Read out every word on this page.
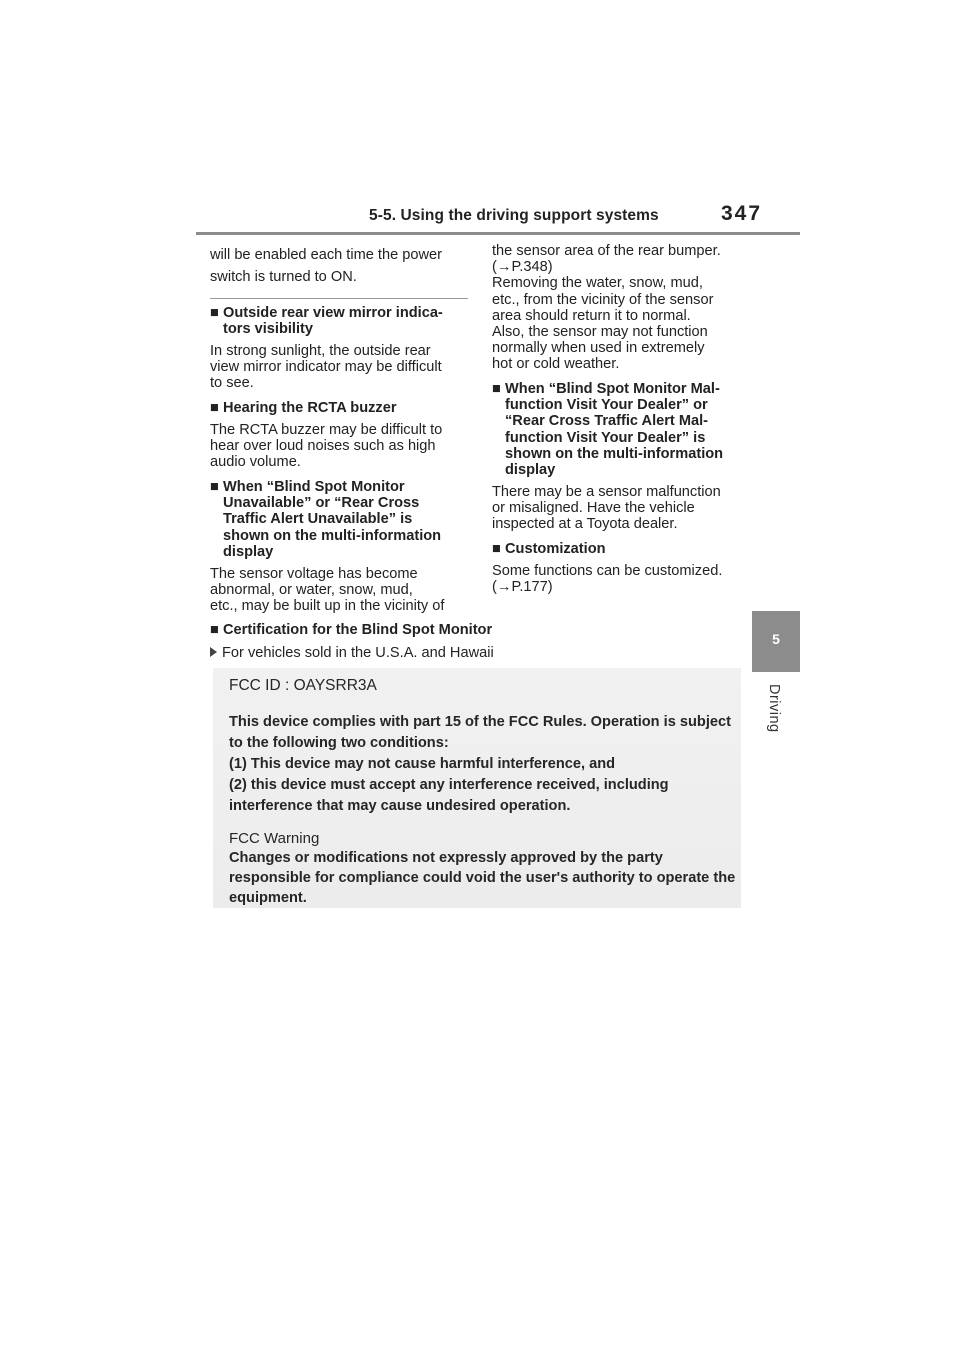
5-5. Using the driving support systems	347
5
Driving
will be enabled each time the power
switch is turned to ON.
■ Outside rear view mirror indica-
tors visibility
In strong sunlight, the outside rear
view mirror indicator may be difficult
to see.
■ Hearing the RCTA buzzer
The RCTA buzzer may be difficult to
hear over loud noises such as high
audio volume.
■ When “Blind Spot Monitor
Unavailable” or “Rear Cross
Traffic Alert Unavailable” is
shown on the multi-information
display
The sensor voltage has become
abnormal, or water, snow, mud,
etc., may be built up in the vicinity of
the sensor area of the rear bumper.
(→P.348)
Removing the water, snow, mud,
etc., from the vicinity of the sensor
area should return it to normal.
Also, the sensor may not function
normally when used in extremely
hot or cold weather.
■ When “Blind Spot Monitor Mal-
function Visit Your Dealer” or
“Rear Cross Traffic Alert Mal-
function Visit Your Dealer” is
shown on the multi-information
display
There may be a sensor malfunction
or misaligned. Have the vehicle
inspected at a Toyota dealer.
■ Customization
Some functions can be customized.
(→P.177)
■ Certification for the Blind Spot Monitor
For vehicles sold in the U.S.A. and Hawaii
FCC ID : OAYSRR3A
This device complies with part 15 of the FCC Rules. Operation is subject
to the following two conditions:
(1) This device may not cause harmful interference, and
(2) this device must accept any interference received, including
interference that may cause undesired operation.
FCC Warning
Changes or modifications not expressly approved by the party
responsible for compliance could void the user's authority to operate the
equipment.
